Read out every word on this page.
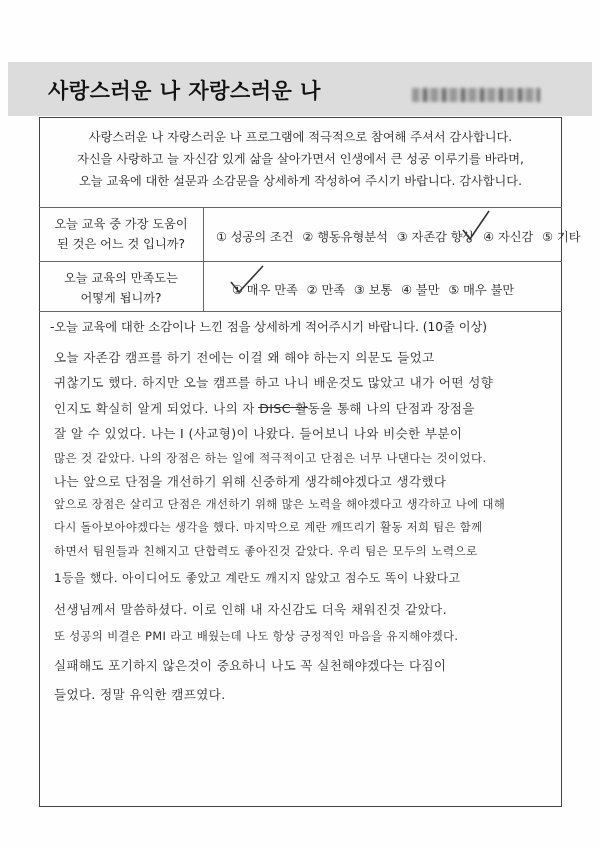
사랑스러운 나 자랑스러운 나
사랑스러운 나 자랑스러운 나 프로그램에 적극적으로 참여해 주셔서 감사합니다.
자신을 사랑하고 늘 자신감 있게 삶을 살아가면서 인생에서 큰 성공 이루기를 바라며,
오늘 교육에 대한 설문과 소감문을 상세하게 작성하여 주시기 바랍니다. 감사합니다.
오늘 교육 중 가장 도움이
된 것은 어느 것 입니까?	① 성공의 조건 ② 행동유형분석 ③ 자존감 향상 ④ 자신감 ⑤ 기타
오늘 교육의 만족도는
어떻게 됩니까?
① 매우 만족 ② 만족 ③ 보통 ④ 불만 ⑤ 매우 불만
-오늘 교육에 대한 소감이나 느낀 점을 상세하게 적어주시기 바랍니다. (10줄 이상)
오늘 자존감 캠프를 하기 전에는 이걸 왜 해야 하는지 의문도 들었고
귀찮기도 했다. 하지만 오늘 캠프를 하고 나니 배운것도 많았고 내가 어떤 성향
인지도 확실히 알게 되었다. 나의 자 DISC 활동을 통해 나의 단점과 장점을
잘 알 수 있었다. 나는 I (사교형)이 나왔다. 들어보니 나와 비슷한 부분이
많은 것 같았다. 나의 장점은 하는 일에 적극적이고 단점은 너무 나댄다는 것이었다.
나는 앞으로 단점을 개선하기 위해 신중하게 생각해야겠다고 생각했다
앞으로 장점은 살리고 단점은 개선하기 위해 많은 노력을 해야겠다고 생각하고 나에 대해
다시 돌아보아야겠다는 생각을 했다. 마지막으로 계란 깨뜨리기 활동 저희 팀은 함께
하면서 팀원들과 친해지고 단합력도 좋아진것 같았다. 우리 팀은 모두의 노력으로
1등을 했다. 아이디어도 좋았고 계란도 깨지지 않았고 점수도 똑이 나왔다고
선생님께서 말씀하셨다. 이로 인해 내 자신감도 더욱 채워진것 같았다.
또 성공의 비결은 PMI 라고 배웠는데 나도 항상 긍정적인 마음을 유지해야겠다.
실패해도 포기하지 않은것이 중요하니 나도 꼭 실천해야겠다는 다짐이
들었다. 정말 유익한 캠프였다.
